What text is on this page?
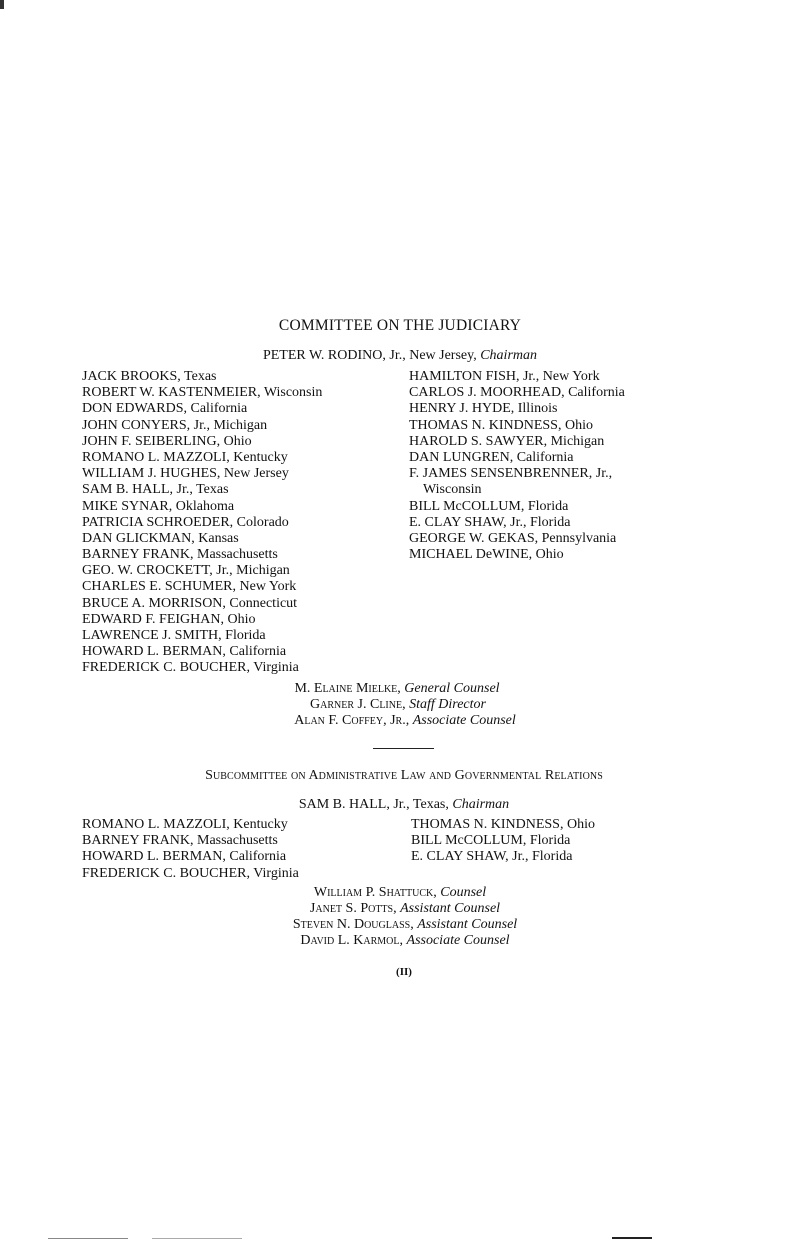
COMMITTEE ON THE JUDICIARY
PETER W. RODINO, Jr., New Jersey, Chairman
JACK BROOKS, Texas
ROBERT W. KASTENMEIER, Wisconsin
DON EDWARDS, California
JOHN CONYERS, Jr., Michigan
JOHN F. SEIBERLING, Ohio
ROMANO L. MAZZOLI, Kentucky
WILLIAM J. HUGHES, New Jersey
SAM B. HALL, Jr., Texas
MIKE SYNAR, Oklahoma
PATRICIA SCHROEDER, Colorado
DAN GLICKMAN, Kansas
BARNEY FRANK, Massachusetts
GEO. W. CROCKETT, Jr., Michigan
CHARLES E. SCHUMER, New York
BRUCE A. MORRISON, Connecticut
EDWARD F. FEIGHAN, Ohio
LAWRENCE J. SMITH, Florida
HOWARD L. BERMAN, California
FREDERICK C. BOUCHER, Virginia
HAMILTON FISH, Jr., New York
CARLOS J. MOORHEAD, California
HENRY J. HYDE, Illinois
THOMAS N. KINDNESS, Ohio
HAROLD S. SAWYER, Michigan
DAN LUNGREN, California
F. JAMES SENSENBRENNER, Jr.,
Wisconsin
BILL McCOLLUM, Florida
E. CLAY SHAW, Jr., Florida
GEORGE W. GEKAS, Pennsylvania
MICHAEL DeWINE, Ohio
M. Elaine Mielke, General Counsel
Garner J. Cline, Staff Director
Alan F. Coffey, Jr., Associate Counsel
Subcommittee on Administrative Law and Governmental Relations
SAM B. HALL, Jr., Texas, Chairman
ROMANO L. MAZZOLI, Kentucky
BARNEY FRANK, Massachusetts
HOWARD L. BERMAN, California
FREDERICK C. BOUCHER, Virginia
THOMAS N. KINDNESS, Ohio
BILL McCOLLUM, Florida
E. CLAY SHAW, Jr., Florida
William P. Shattuck, Counsel
Janet S. Potts, Assistant Counsel
Steven N. Douglass, Assistant Counsel
David L. Karmol, Associate Counsel
(II)
